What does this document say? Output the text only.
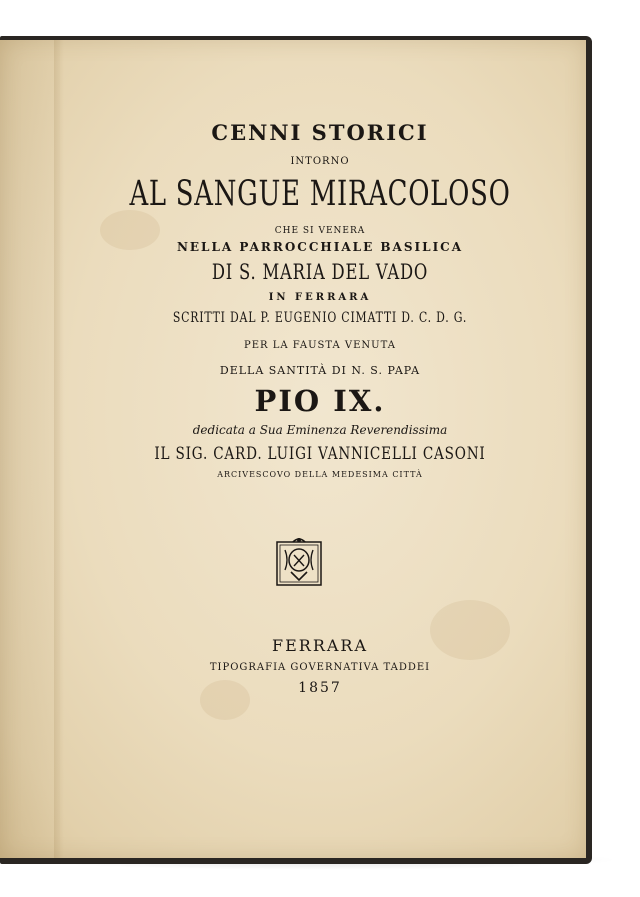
CENNI STORICI
INTORNO
AL SANGUE MIRACOLOSO
CHE SI VENERA
NELLA PARROCCHIALE BASILICA
DI S. MARIA DEL VADO
IN FERRARA
SCRITTI DAL P. EUGENIO CIMATTI D. C. D. G.
PER LA FAUSTA VENUTA
DELLA SANTITÀ DI N. S. PAPA
PIO IX.
dedicata a Sua Eminenza Reverendissima
IL SIG. CARD. LUIGI VANNICELLI CASONI
ARCIVESCOVO DELLA MEDESIMA CITTÀ
FERRARA
TIPOGRAFIA GOVERNATIVA TADDEI
1857
